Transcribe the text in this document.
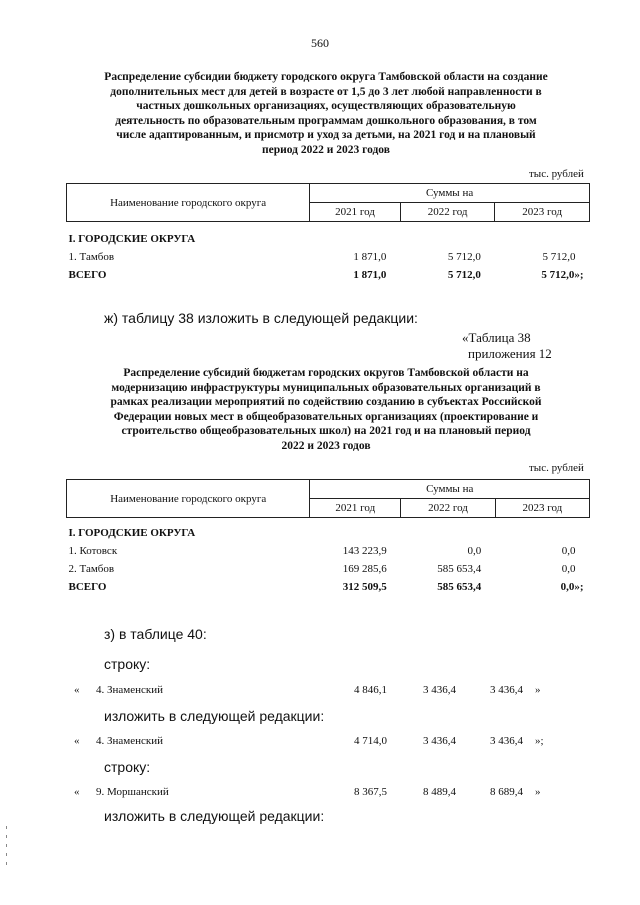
560
Распределение субсидии бюджету городского округа Тамбовской области на создание
дополнительных мест для детей в возрасте от 1,5 до 3 лет любой направленности в
частных дошкольных организациях, осуществляющих образовательную
деятельность по образовательным программам дошкольного образования, в том
числе адаптированным, и присмотр и уход за детьми, на 2021 год и на плановый
период 2022 и 2023 годов
тыс. рублей
Наименование городского округа	Суммы на		
	2021 год	2022 год	2023 год

I. ГОРОДСКИЕ ОКРУГА			
1. Тамбов	1 871,0	5 712,0	5 712,0
ВСЕГО	1 871,0	5 712,0	5 712,0»;
ж) таблицу 38 изложить в следующей редакции:
«Таблица 38
приложения 12
Распределение субсидий бюджетам городских округов Тамбовской области на
модернизацию инфраструктуры муниципальных образовательных организаций в
рамках реализации мероприятий по содействию созданию в субъектах Российской
Федерации новых мест в общеобразовательных организациях (проектирование и
строительство общеобразовательных школ) на 2021 год и на плановый период
2022 и 2023 годов
тыс. рублей
Наименование городского округа	Суммы на		
	2021 год	2022 год	2023 год

I. ГОРОДСКИЕ ОКРУГА			
1. Котовск	143 223,9	0,0	0,0
2. Тамбов	169 285,6	585 653,4	0,0
ВСЕГО	312 509,5	585 653,4	0,0»;
з) в таблице 40:
строку:
« 4. Знаменский	4 846,1	3 436,4	3 436,4 »
изложить в следующей редакции:
« 4. Знаменский	4 714,0	3 436,4	3 436,4 »;
строку:
« 9. Моршанский	8 367,5	8 489,4	8 689,4 »
изложить в следующей редакции:
